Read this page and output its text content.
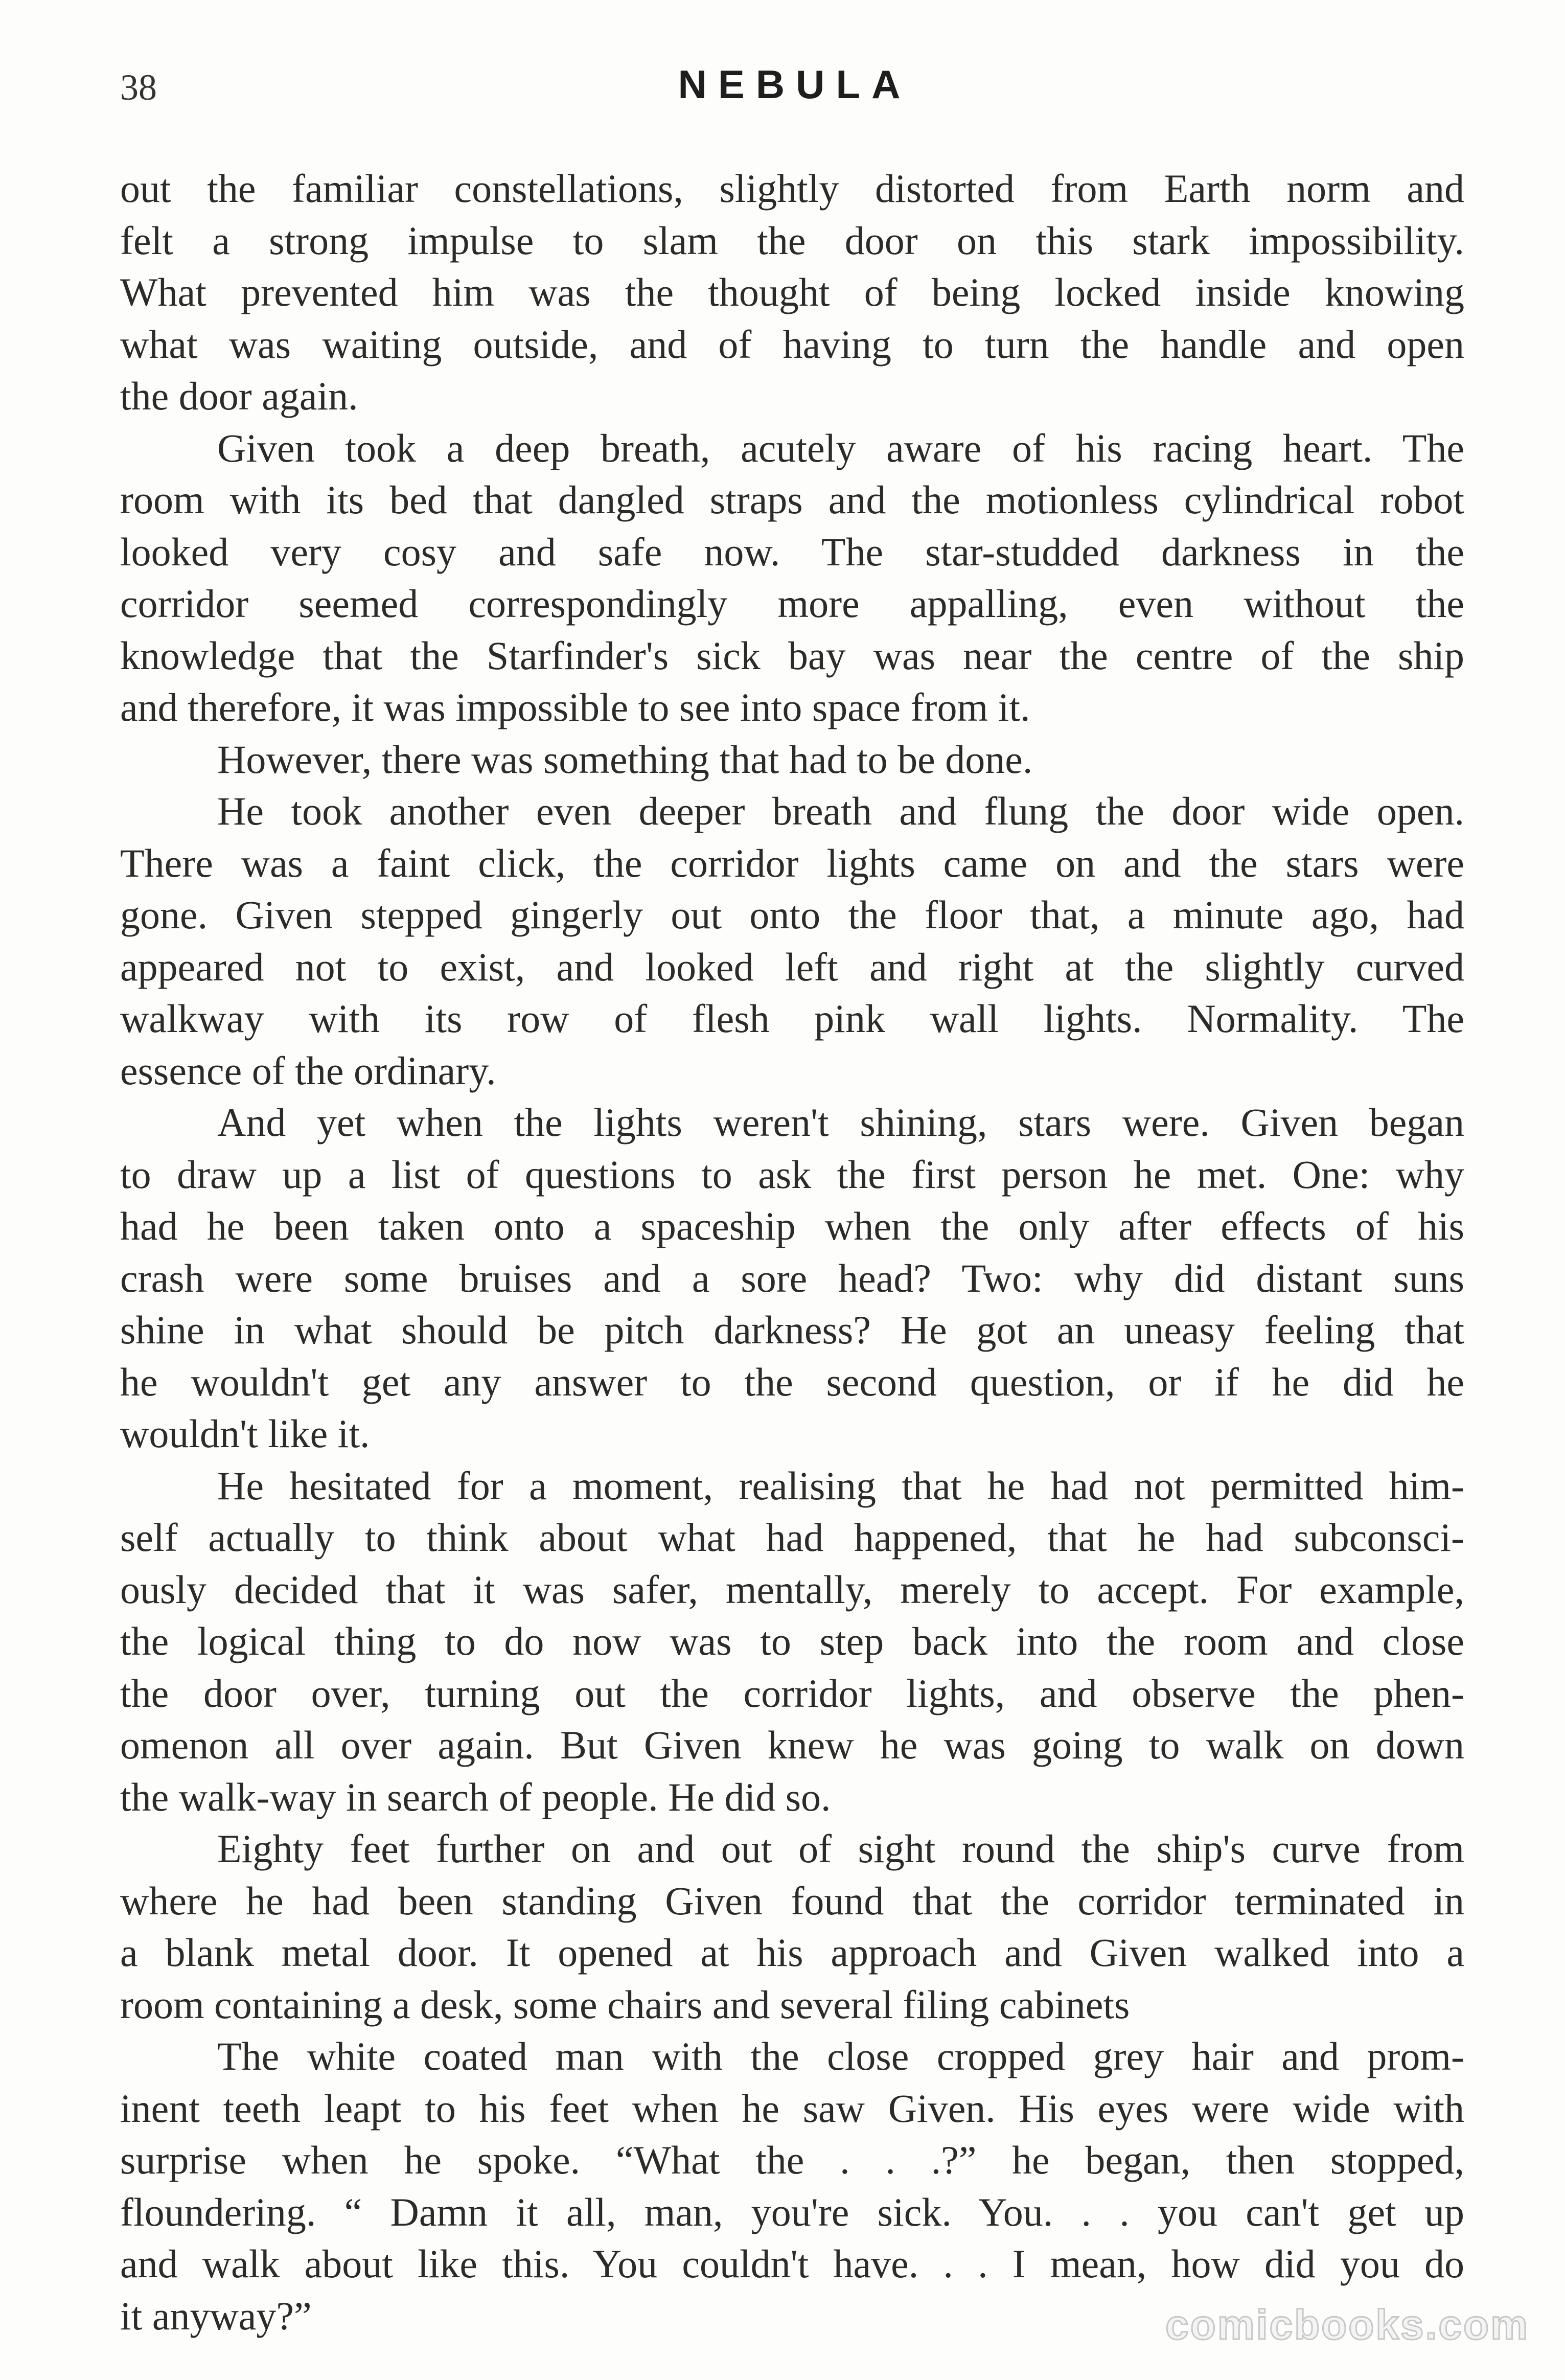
38	NEBULA
out the familiar constellations, slightly distorted from Earth norm and
felt a strong impulse to slam the door on this stark impossibility.
What prevented him was the thought of being locked inside knowing
what was waiting outside, and of having to turn the handle and open
the door again.
Given took a deep breath, acutely aware of his racing heart. The
room with its bed that dangled straps and the motionless cylindrical robot
looked very cosy and safe now. The star-studded darkness in the
corridor seemed correspondingly more appalling, even without the
knowledge that the Starfinder's sick bay was near the centre of the ship
and therefore, it was impossible to see into space from it.
However, there was something that had to be done.
He took another even deeper breath and flung the door wide open.
There was a faint click, the corridor lights came on and the stars were
gone. Given stepped gingerly out onto the floor that, a minute ago, had
appeared not to exist, and looked left and right at the slightly curved
walkway with its row of flesh pink wall lights. Normality. The
essence of the ordinary.
And yet when the lights weren't shining, stars were. Given began
to draw up a list of questions to ask the first person he met. One: why
had he been taken onto a spaceship when the only after effects of his
crash were some bruises and a sore head? Two: why did distant suns
shine in what should be pitch darkness? He got an uneasy feeling that
he wouldn't get any answer to the second question, or if he did he
wouldn't like it.
He hesitated for a moment, realising that he had not permitted him-
self actually to think about what had happened, that he had subconsci-
ously decided that it was safer, mentally, merely to accept. For example,
the logical thing to do now was to step back into the room and close
the door over, turning out the corridor lights, and observe the phen-
omenon all over again. But Given knew he was going to walk on down
the walk-way in search of people. He did so.
Eighty feet further on and out of sight round the ship's curve from
where he had been standing Given found that the corridor terminated in
a blank metal door. It opened at his approach and Given walked into a
room containing a desk, some chairs and several filing cabinets
The white coated man with the close cropped grey hair and prom-
inent teeth leapt to his feet when he saw Given. His eyes were wide with
surprise when he spoke. “What the . . .?” he began, then stopped,
floundering. “ Damn it all, man, you're sick. You. . . you can't get up
and walk about like this. You couldn't have. . . I mean, how did you do
it anyway?”	comicbooks.com
